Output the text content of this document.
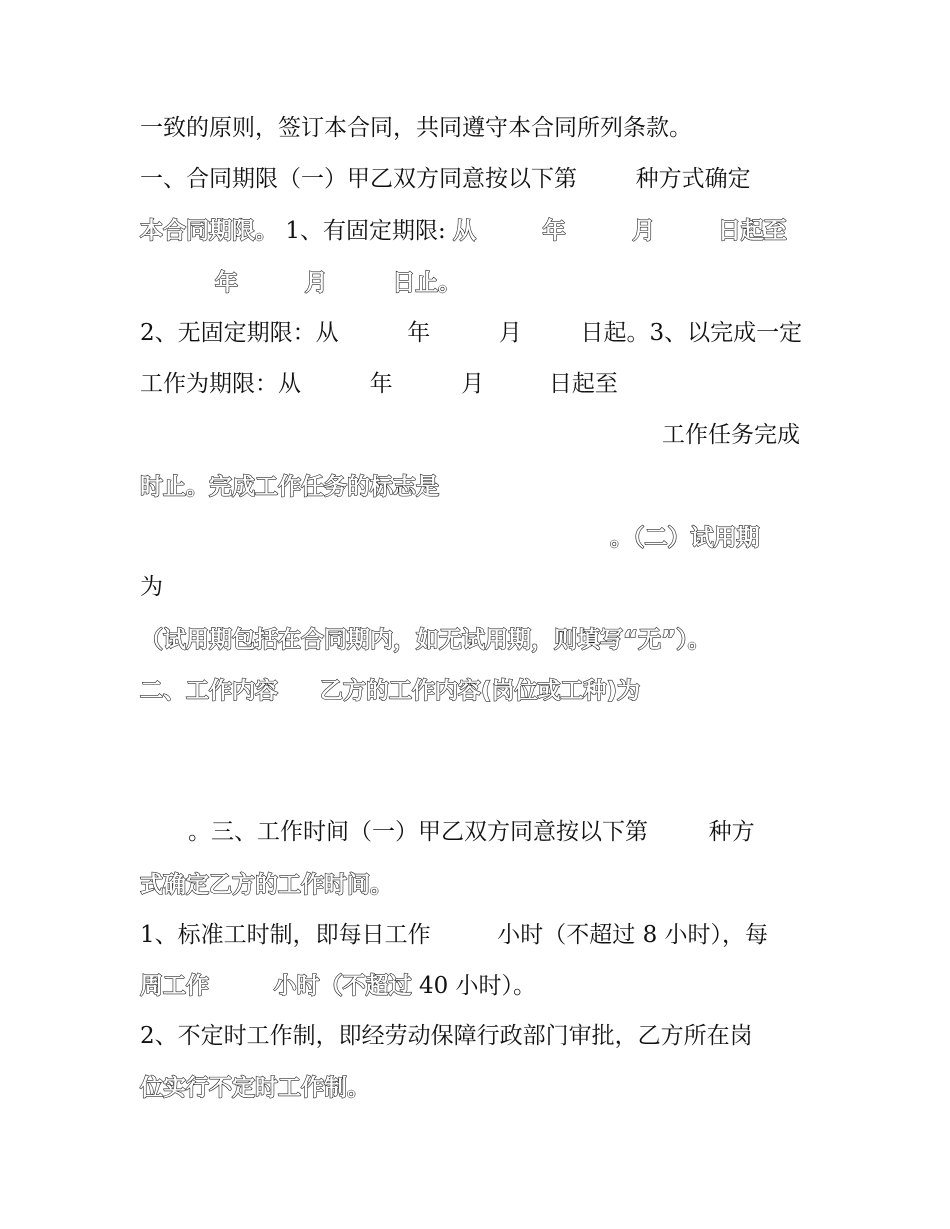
一致的原则，签订本合同，共同遵守本合同所列条款。
一、合同期限（一）甲乙双方同意按以下第	种方式确定
本合同期限。 1、有固定期限: 从	年	月	日起至
年	月	日止。
2、无固定期限：从	年	月	日起。3、以完成一定
工作为期限：从	年	月	日起至
工作任务完成
时止。完成工作任务的标志是
。（二）试用期
为
（试用期包括在合同期内，如无试用期，则填写“无”）。
二、工作内容 乙方的工作内容(岗位或工种)为
。三、工作时间（一）甲乙双方同意按以下第	种方
式确定乙方的工作时间。
1、标准工时制，即每日工作	小时（不超过 8 小时），每
周工作	小时（不超过 40 小时）。
2、不定时工作制，即经劳动保障行政部门审批，乙方所在岗
位实行不定时工作制。
